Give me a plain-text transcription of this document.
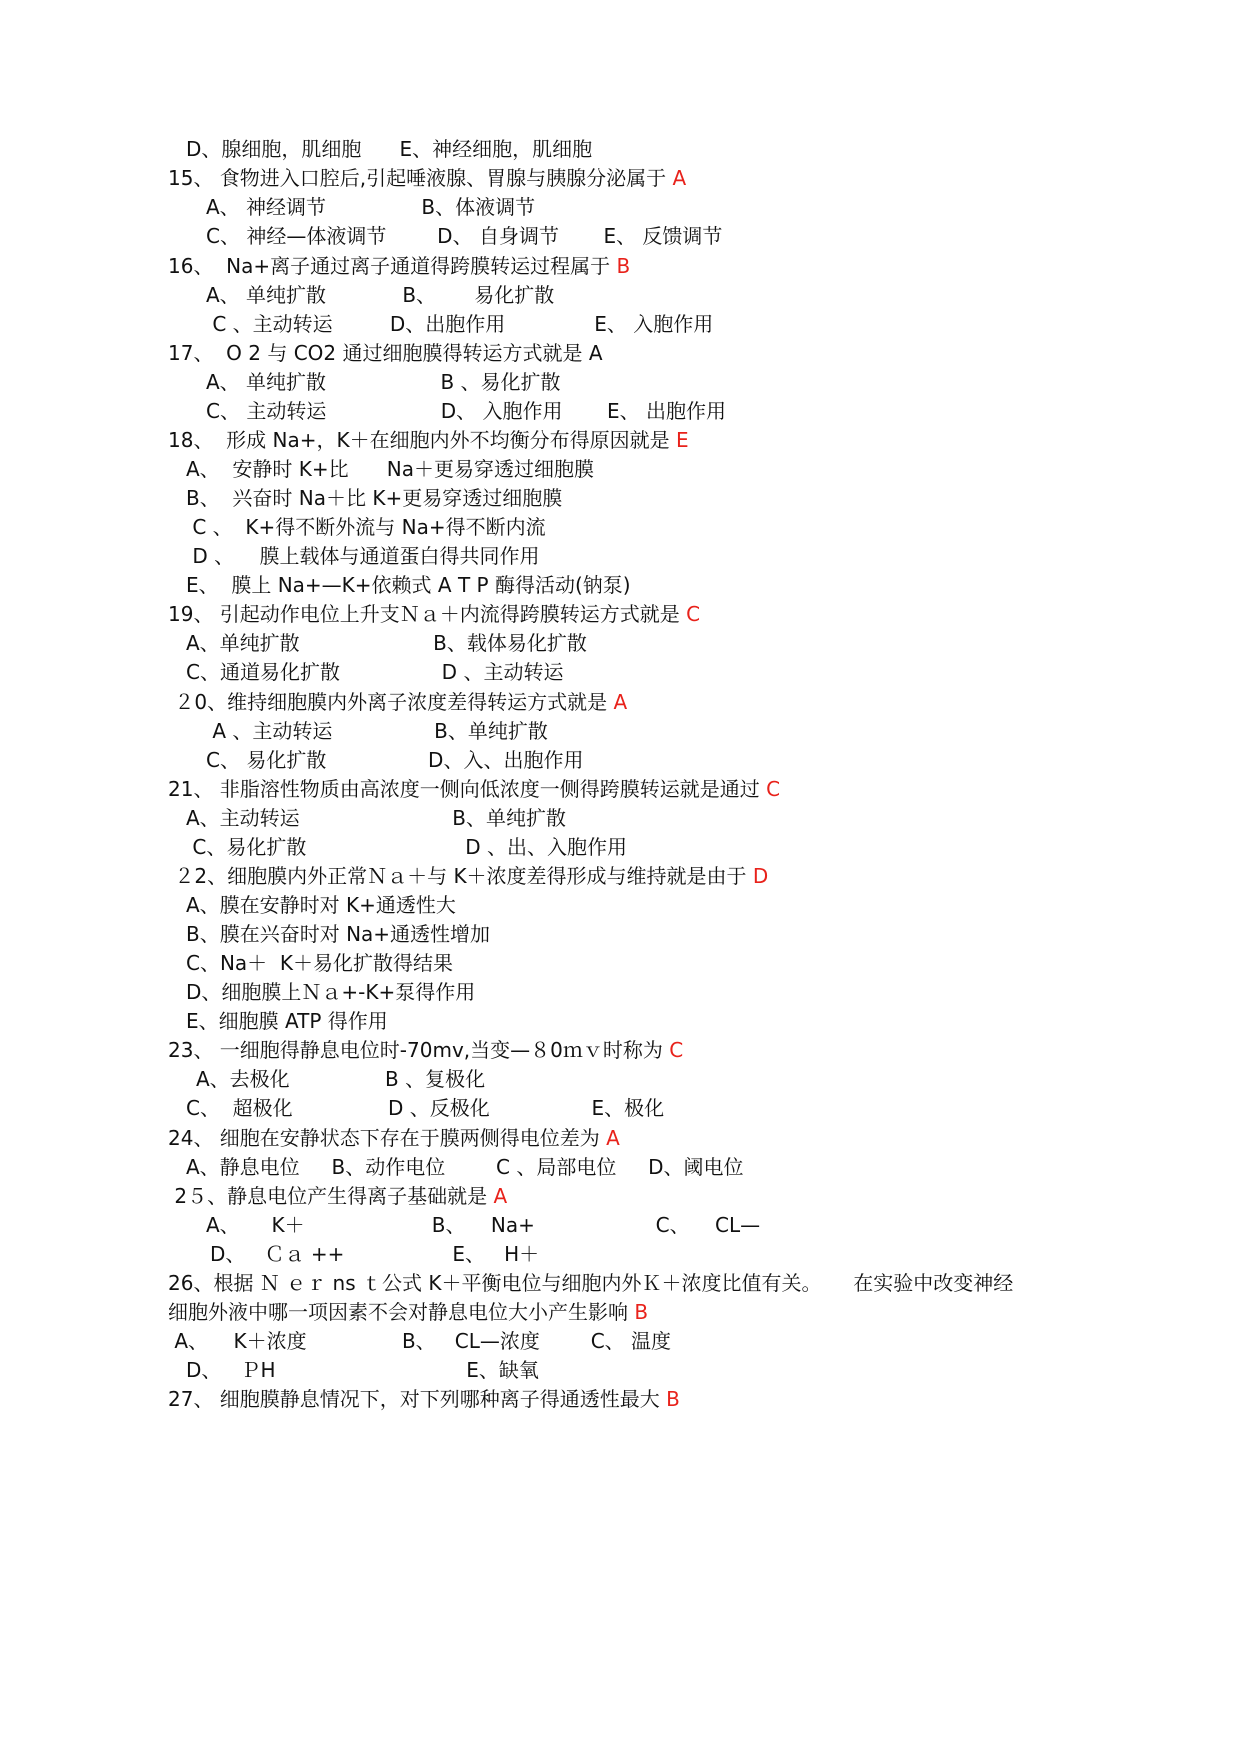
D、腺细胞，肌细胞      E、神经细胞，肌细胞
15、 食物进入口腔后,引起唾液腺、胃腺与胰腺分泌属于 A
A、 神经调节               B、体液调节
C、 神经—体液调节        D、 自身调节       E、 反馈调节
16、  Na+离子通过离子通道得跨膜转运过程属于 B
A、 单纯扩散            B、      易化扩散
C 、主动转运         D、出胞作用              E、 入胞作用
17、  O 2 与 CO2 通过细胞膜得转运方式就是 A
A、 单纯扩散                  B 、易化扩散
C、 主动转运                  D、 入胞作用       E、 出胞作用
18、  形成 Na+，K＋在细胞内外不均衡分布得原因就是 E
A、  安静时 K+比      Na＋更易穿透过细胞膜
B、  兴奋时 Na＋比 K+更易穿透过细胞膜
C 、  K+得不断外流与 Na+得不断内流
D 、    膜上载体与通道蛋白得共同作用
E、  膜上 Na+—K+依赖式 A T P 酶得活动(钠泵)
19、 引起动作电位上升支Ｎａ＋内流得跨膜转运方式就是 C
A、单纯扩散                     B、载体易化扩散
C、通道易化扩散                D 、主动转运
２0、维持细胞膜内外离子浓度差得转运方式就是 A
A 、主动转运                B、单纯扩散
C、 易化扩散                D、入、出胞作用
21、 非脂溶性物质由高浓度一侧向低浓度一侧得跨膜转运就是通过 C
A、主动转运                        B、单纯扩散
C、易化扩散                         D 、出、入胞作用
２2、细胞膜内外正常Ｎａ＋与 K＋浓度差得形成与维持就是由于 D
A、膜在安静时对 K+通透性大
B、膜在兴奋时对 Na+通透性增加
C、Na＋  K＋易化扩散得结果
D、细胞膜上Ｎａ+-K+泵得作用
E、细胞膜 ATP 得作用
23、 一细胞得静息电位时-70mv,当变—８0ｍｖ时称为 C
A、去极化               B 、复极化
C、  超极化               D 、反极化                E、极化
24、 细胞在安静状态下存在于膜两侧得电位差为 A
A、静息电位     B、动作电位        C 、局部电位     D、阈电位
2５、静息电位产生得离子基础就是 A
A、     K＋                    B、    Na+                   C、    CL—
D、   Ｃａ ++                 E、   H＋
26、根据 Ｎ ｅｒ ns ｔ公式 K＋平衡电位与细胞内外Ｋ＋浓度比值有关。     在实验中改变神经
细胞外液中哪一项因素不会对静息电位大小产生影响 B
A、    K＋浓度               B、   CL—浓度        C、 温度
D、   ＰH                              E、缺氧
27、 细胞膜静息情况下，对下列哪种离子得通透性最大 B
